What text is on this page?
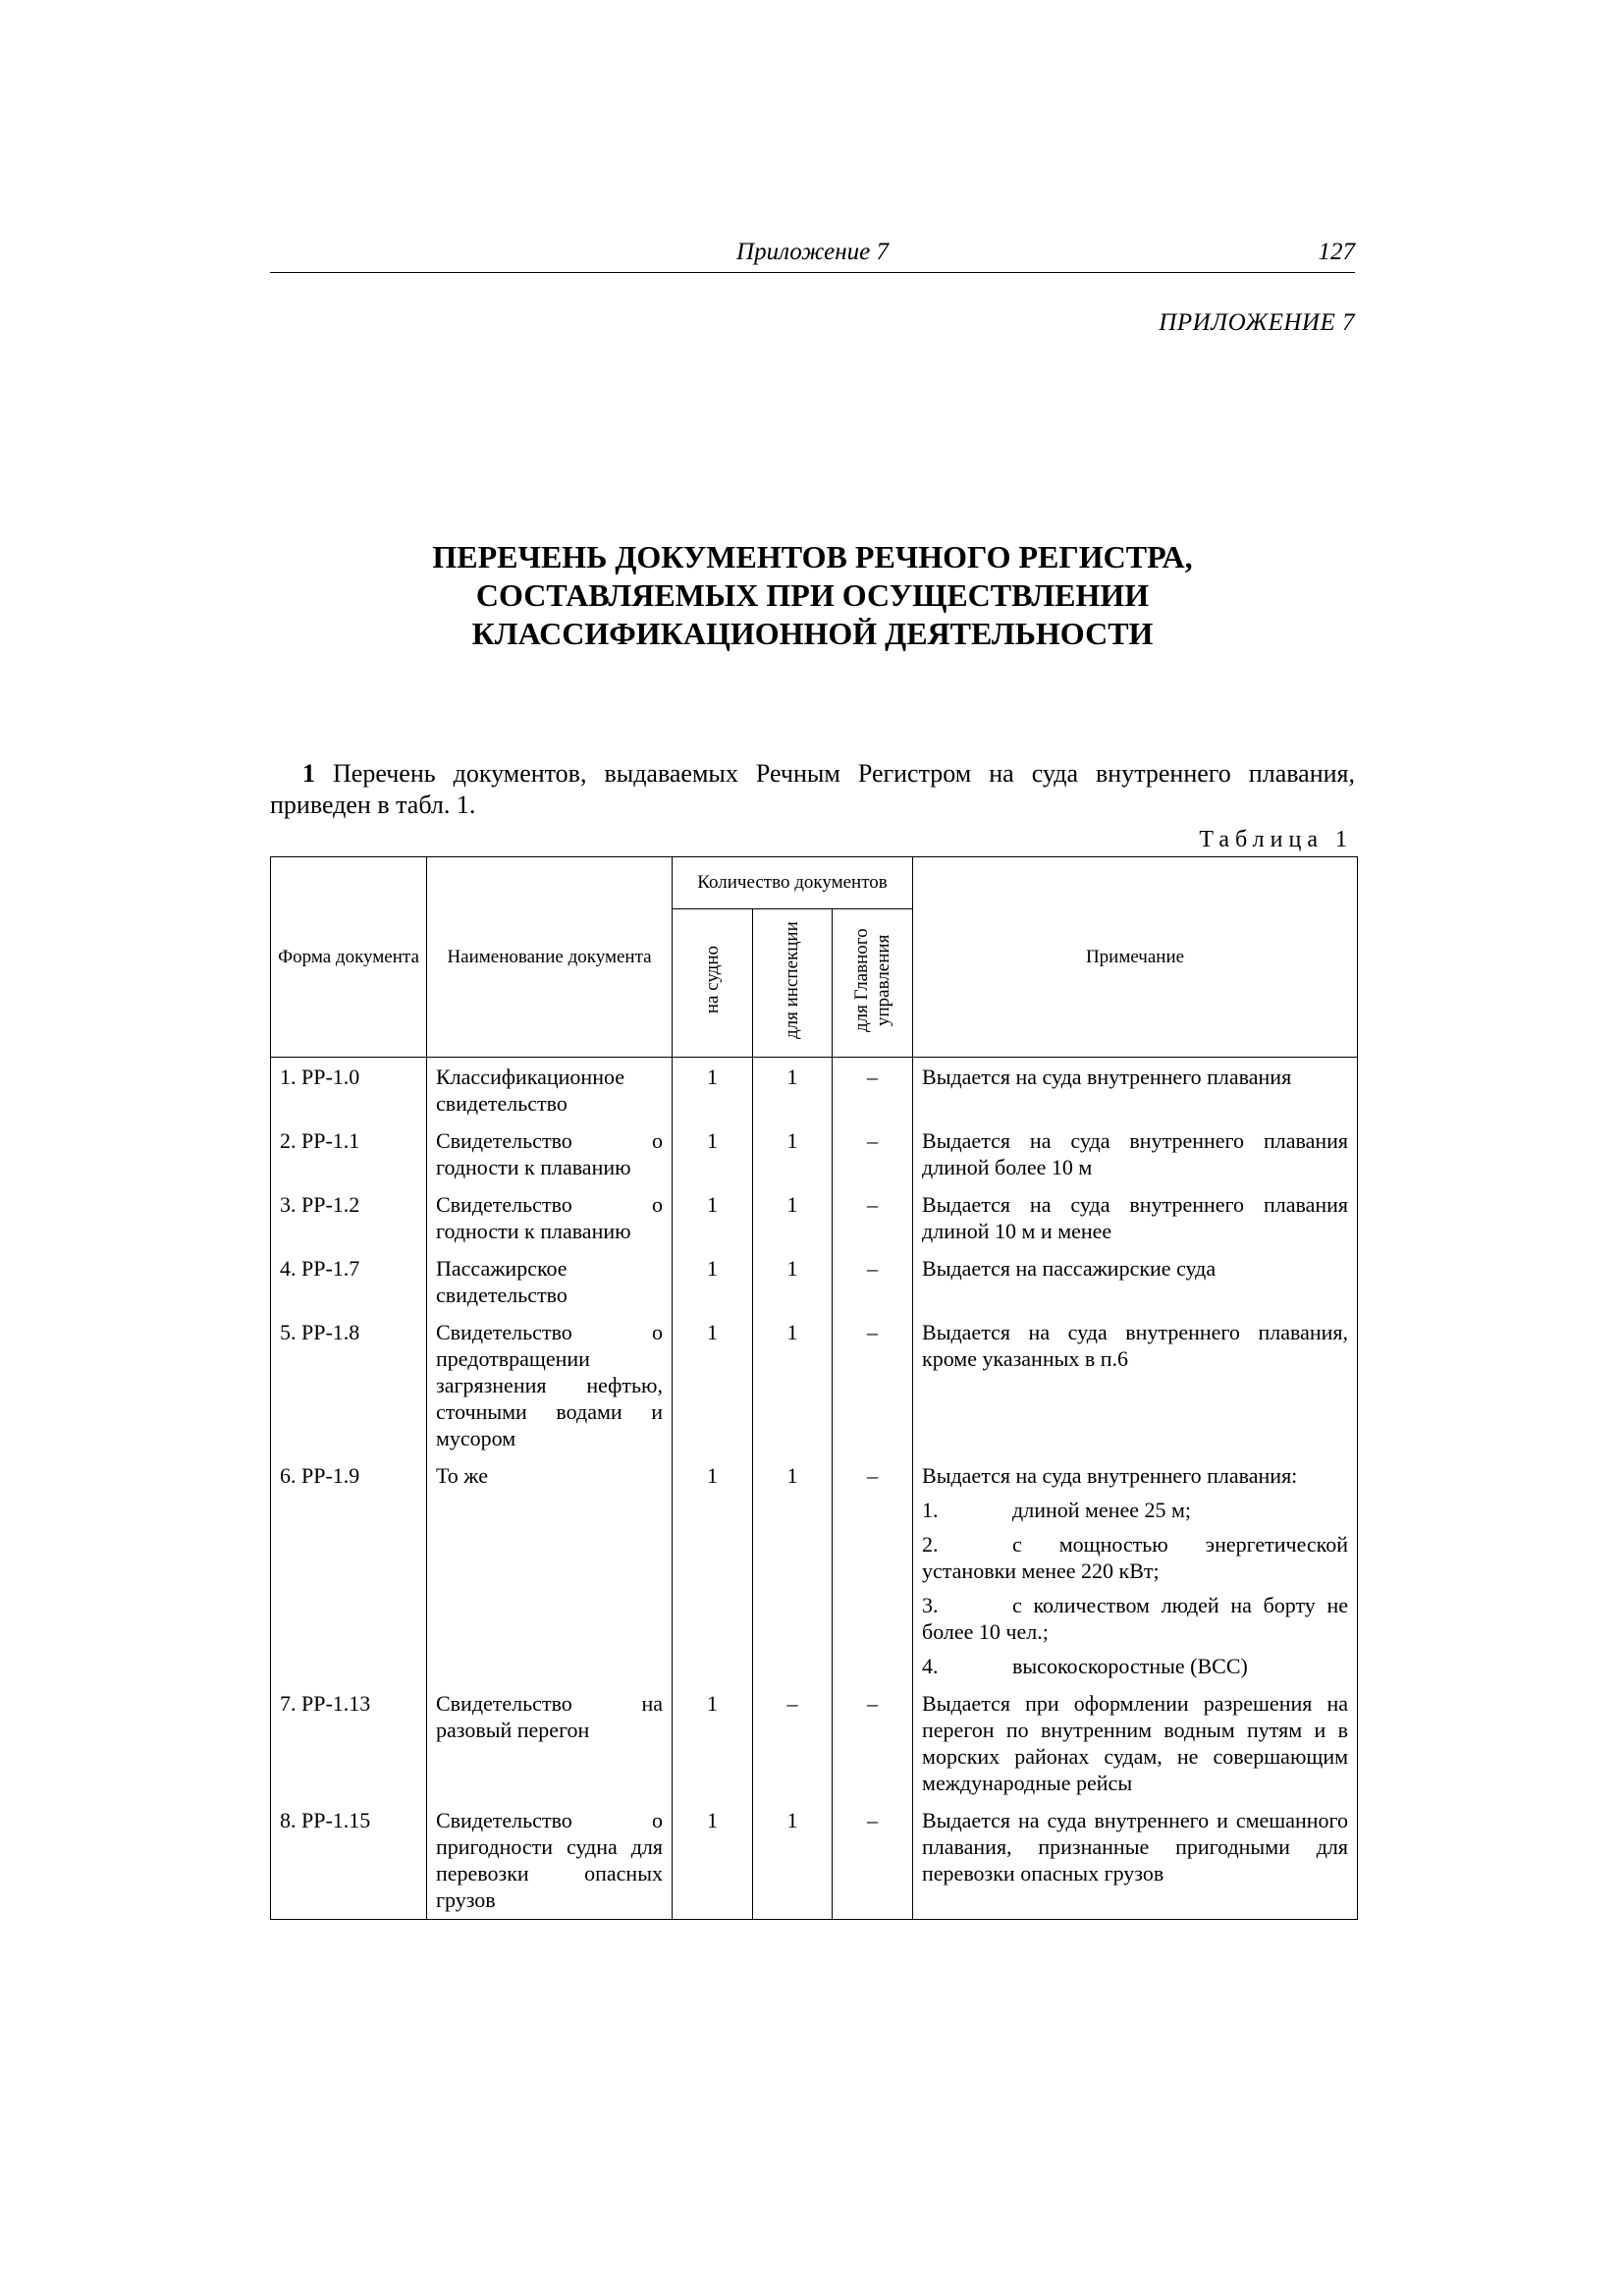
Приложение 7	127
ПРИЛОЖЕНИЕ 7
ПЕРЕЧЕНЬ ДОКУМЕНТОВ РЕЧНОГО РЕГИСТРА,
СОСТАВЛЯЕМЫХ ПРИ ОСУЩЕСТВЛЕНИИ
КЛАССИФИКАЦИОННОЙ ДЕЯТЕЛЬНОСТИ
1 Перечень документов, выдаваемых Речным Регистром на суда внутреннего плавания, приведен в табл. 1.
Таблица 1
Форма документа	Наименование документа	Количество документов			Примечание
		на судно	для инспекции	для Главного управления	
1. РР-1.0	Классификационное свидетельство	1	1	–	Выдается на суда внутреннего плавания
2. РР-1.1	Свидетельство о годности к плаванию	1	1	–	Выдается на суда внутреннего плавания длиной более 10 м
3. РР-1.2	Свидетельство о годности к плаванию	1	1	–	Выдается на суда внутреннего плавания длиной 10 м и менее
4. РР-1.7	Пассажирское свидетельство	1	1	–	Выдается на пассажирские суда
5. РР-1.8	Свидетельство о предотвращении загрязнения нефтью, сточными водами и мусором	1	1	–	Выдается на суда внутреннего плавания, кроме указанных в п.6
6. РР-1.9	То же	1	1	–	Выдается на суда внутреннего плавания:
1. длиной менее 25 м;
2. с мощностью энергетической установки менее 220 кВт;
3. с количеством людей на борту не более 10 чел.;
4. высокоскоростные (ВСС)

7. РР-1.13	Свидетельство на разовый перегон	1	–	–	Выдается при оформлении разрешения на перегон по внутренним водным путям и в морских районах судам, не совершающим международные рейсы
8. РР-1.15	Свидетельство о пригодности судна для перевозки опасных грузов	1	1	–	Выдается на суда внутреннего и смешанного плавания, признанные пригодными для перевозки опасных грузов
